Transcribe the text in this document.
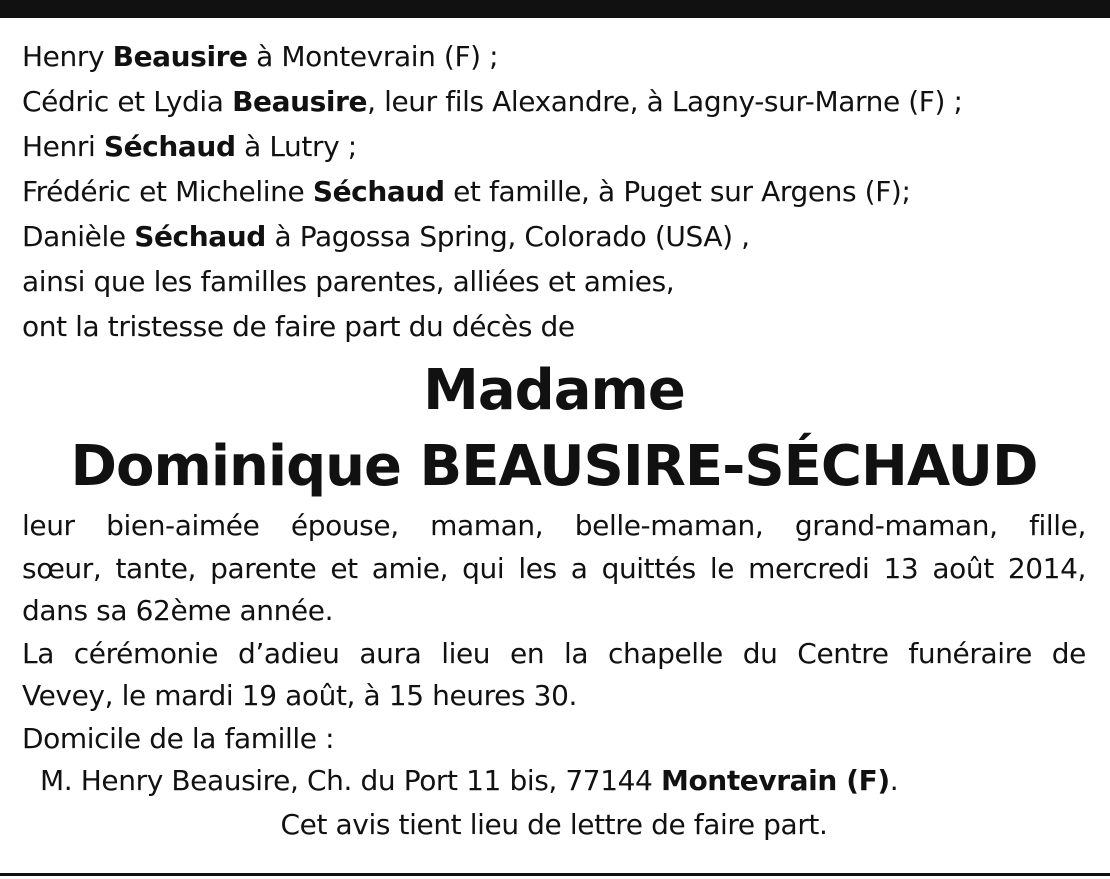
Henry Beausire à Montevrain (F) ;
Cédric et Lydia Beausire, leur fils Alexandre, à Lagny-sur-Marne (F) ;
Henri Séchaud à Lutry ;
Frédéric et Micheline Séchaud et famille, à Puget sur Argens (F);
Danièle Séchaud à Pagossa Spring, Colorado (USA) ,
ainsi que les familles parentes, alliées et amies,
ont la tristesse de faire part du décès de
Madame
Dominique BEAUSIRE-SÉCHAUD
leur bien-aimée épouse, maman, belle-maman, grand-maman, fille,
sœur, tante, parente et amie, qui les a quittés le mercredi 13 août 2014,
dans sa 62ème année.
La cérémonie d’adieu aura lieu en la chapelle du Centre funéraire de
Vevey, le mardi 19 août, à 15 heures 30.
Domicile de la famille :
M. Henry Beausire, Ch. du Port 11 bis, 77144 Montevrain (F).
Cet avis tient lieu de lettre de faire part.
